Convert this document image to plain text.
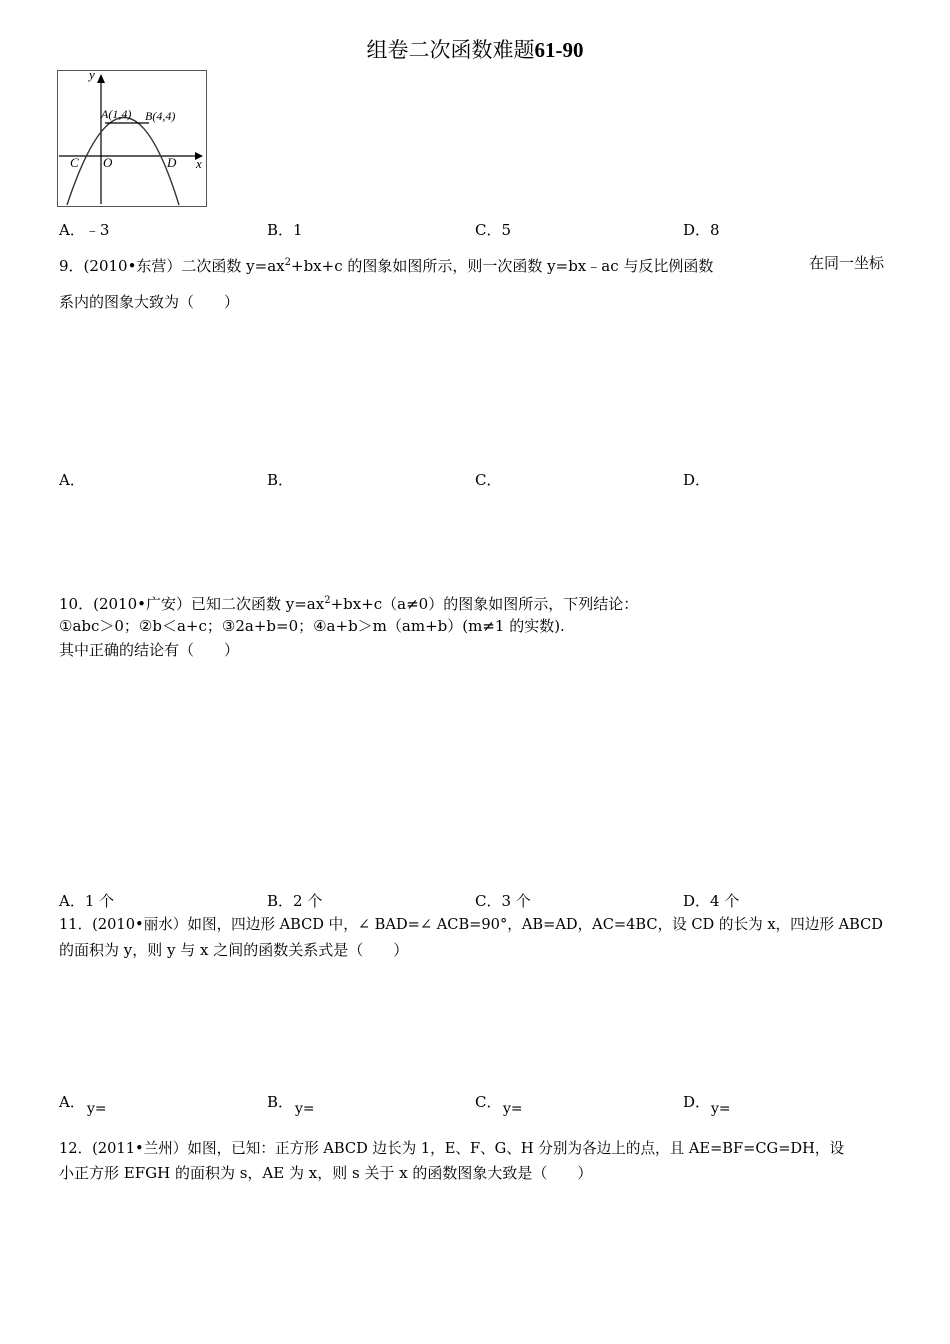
组卷二次函数难题61-90
y
x
A(1,4) B(4,4)
C O	D
A．﹣3	B．1	C．5	D．8
9．(2010•东营）二次函数 $y=ax^2+bx+c$ 的图象如图所示，则一次函数 y=bx﹣ac 与反比例函数	在同一坐标
系内的图象大致为（　　）
A．	B．	C．	D．
10．(2010•广安）已知二次函数 $y=ax^2+bx+c(a\ne 0)$的图象如图所示，下列结论：
①abc＞0；②b＜a+c；③2a+b=0；④a+b＞m（am+b）(m≠1 的实数).
其中正确的结论有（　　）
A．1 个	B．2 个	C．3 个	D．4 个
11．(2010•丽水）如图，四边形 ABCD 中，∠ BAD=∠ ACB=90°，AB=AD，AC=4BC，设 CD 的长为 x，四边形 ABCD
的面积为 y，则 y 与 x 之间的函数关系式是（　　）
A． y=	B． y=	C． y=	D． y=
12．(2011•兰州）如图，已知：正方形 ABCD 边长为 1，E、F、G、H 分别为各边上的点，且 AE=BF=CG=DH，设
小正方形 EFGH 的面积为 s，AE 为 x，则 s 关于 x 的函数图象大致是（　　）
